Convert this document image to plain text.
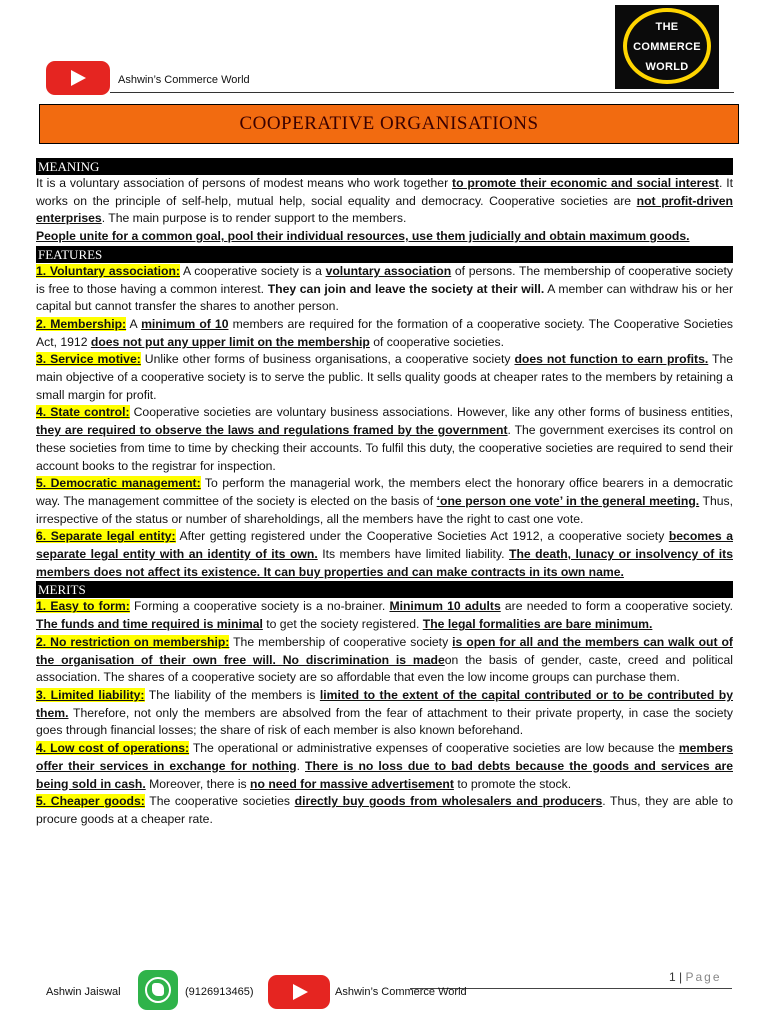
Ashwin’s Commerce World
THE
COMMERCE
WORLD
COOPERATIVE ORGANISATIONS
MEANING

It is a voluntary association of persons of modest means who work together to promote their economic and social interest. It works on the principle of self-help, mutual help, social equality and democracy. Cooperative societies are not profit-driven enterprises. The main purpose is to render support to the members.

People unite for a common goal, pool their individual resources, use them judicially and obtain maximum goods.

FEATURES

1. Voluntary association: A cooperative society is a voluntary association of persons. The membership of cooperative society is free to those having a common interest. They can join and leave the society at their will. A member can withdraw his or her capital but cannot transfer the shares to another person.

2. Membership: A minimum of 10 members are required for the formation of a cooperative society. The Cooperative Societies Act, 1912 does not put any upper limit on the membership of cooperative societies.

3. Service motive: Unlike other forms of business organisations, a cooperative society does not function to earn profits. The main objective of a cooperative society is to serve the public. It sells quality goods at cheaper rates to the members by retaining a small margin for profit.

4. State control: Cooperative societies are voluntary business associations. However, like any other forms of business entities, they are required to observe the laws and regulations framed by the government. The government exercises its control on these societies from time to time by checking their accounts. To fulfil this duty, the cooperative societies are required to send their account books to the registrar for inspection.

5. Democratic management: To perform the managerial work, the members elect the honorary office bearers in a democratic way. The management committee of the society is elected on the basis of ‘one person one vote’ in the general meeting. Thus, irrespective of the status or number of shareholdings, all the members have the right to cast one vote.

6. Separate legal entity: After getting registered under the Cooperative Societies Act 1912, a cooperative society becomes a separate legal entity with an identity of its own. Its members have limited liability. The death, lunacy or insolvency of its members does not affect its existence. It can buy properties and can make contracts in its own name.

MERITS

1. Easy to form: Forming a cooperative society is a no-brainer. Minimum 10 adults are needed to form a cooperative society. The funds and time required is minimal to get the society registered. The legal formalities are bare minimum.

2. No restriction on membership: The membership of cooperative society is open for all and the members can walk out of the organisation of their own free will. No discrimination is madeon the basis of gender, caste, creed and political association. The shares of a cooperative society are so affordable that even the low income groups can purchase them.

3. Limited liability: The liability of the members is limited to the extent of the capital contributed or to be contributed by them. Therefore, not only the members are absolved from the fear of attachment to their private property, in case the society goes through financial losses; the share of risk of each member is also known beforehand.

4. Low cost of operations: The operational or administrative expenses of cooperative societies are low because the members offer their services in exchange for nothing. There is no loss due to bad debts because the goods and services are being sold in cash. Moreover, there is no need for massive advertisement to promote the stock.

5. Cheaper goods: The cooperative societies directly buy goods from wholesalers and producers. Thus, they are able to procure goods at a cheaper rate.

1 | Page
Ashwin Jaiswal	(9126913465)	Ashwin’s Commerce World
